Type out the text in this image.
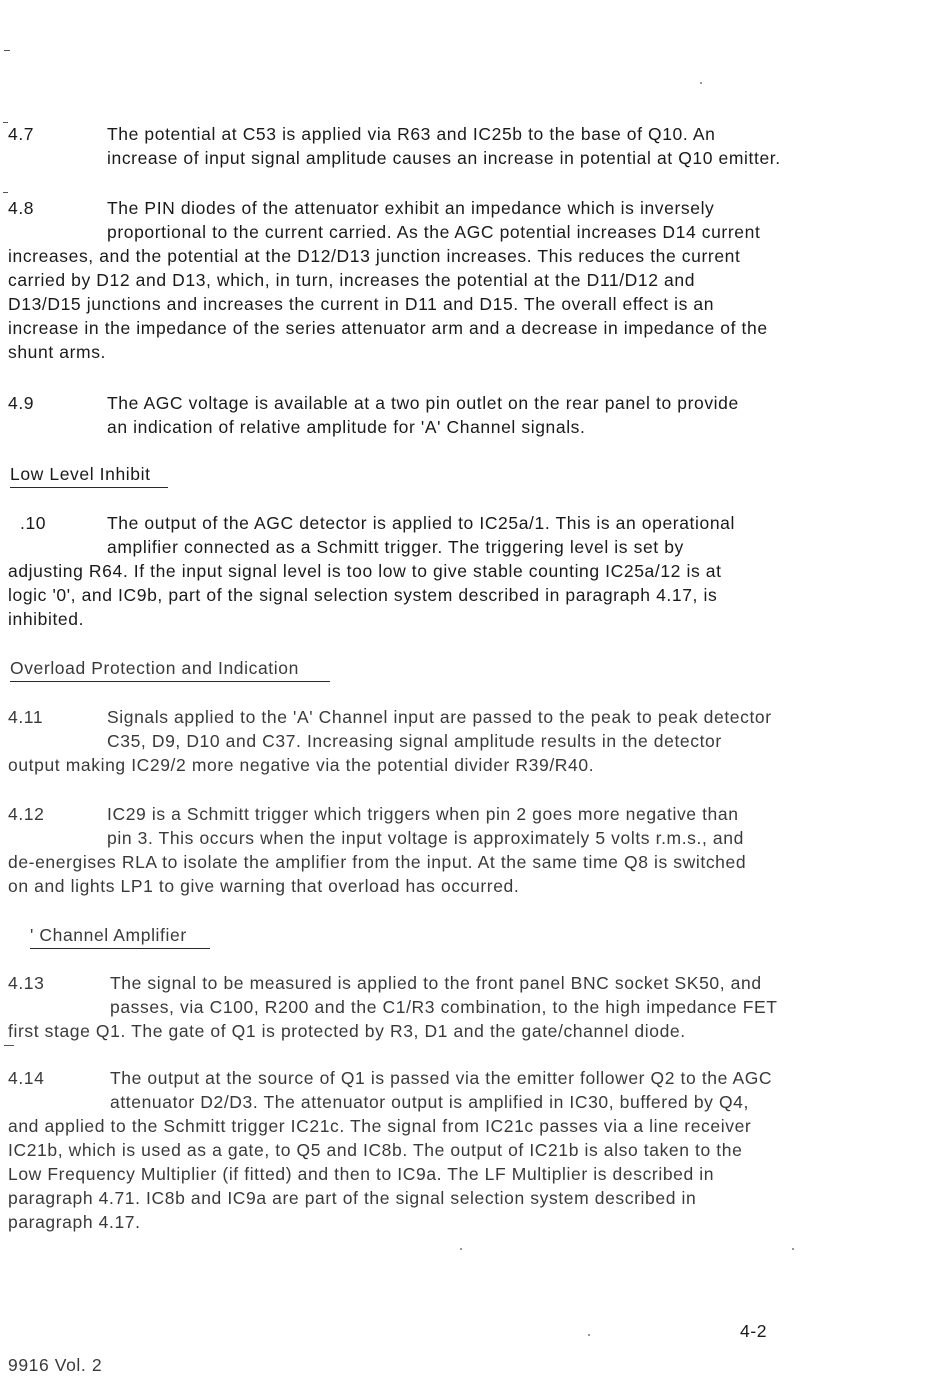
4.7	The potential at C53 is applied via R63 and IC25b to the base of Q10. An
increase of input signal amplitude causes an increase in potential at Q10 emitter.
4.8	The PIN diodes of the attenuator exhibit an impedance which is inversely
proportional to the current carried. As the AGC potential increases D14 current
increases, and the potential at the D12/D13 junction increases. This reduces the current
carried by D12 and D13, which, in turn, increases the potential at the D11/D12 and
D13/D15 junctions and increases the current in D11 and D15. The overall effect is an
increase in the impedance of the series attenuator arm and a decrease in impedance of the
shunt arms.
4.9	The AGC voltage is available at a two pin outlet on the rear panel to provide
an indication of relative amplitude for 'A' Channel signals.
Low Level Inhibit
.10	The output of the AGC detector is applied to IC25a/1. This is an operational
amplifier connected as a Schmitt trigger. The triggering level is set by
adjusting R64. If the input signal level is too low to give stable counting IC25a/12 is at
logic '0', and IC9b, part of the signal selection system described in paragraph 4.17, is
inhibited.
Overload Protection and Indication
4.11	Signals applied to the 'A' Channel input are passed to the peak to peak detector
C35, D9, D10 and C37. Increasing signal amplitude results in the detector
output making IC29/2 more negative via the potential divider R39/R40.
4.12	IC29 is a Schmitt trigger which triggers when pin 2 goes more negative than
pin 3. This occurs when the input voltage is approximately 5 volts r.m.s., and
de-energises RLA to isolate the amplifier from the input. At the same time Q8 is switched
on and lights LP1 to give warning that overload has occurred.
' Channel Amplifier
4.13	The signal to be measured is applied to the front panel BNC socket SK50, and
passes, via C100, R200 and the C1/R3 combination, to the high impedance FET
first stage Q1. The gate of Q1 is protected by R3, D1 and the gate/channel diode.
4.14	The output at the source of Q1 is passed via the emitter follower Q2 to the AGC
attenuator D2/D3. The attenuator output is amplified in IC30, buffered by Q4,
and applied to the Schmitt trigger IC21c. The signal from IC21c passes via a line receiver
IC21b, which is used as a gate, to Q5 and IC8b. The output of IC21b is also taken to the
Low Frequency Multiplier (if fitted) and then to IC9a. The LF Multiplier is described in
paragraph 4.71. IC8b and IC9a are part of the signal selection system described in
paragraph 4.17.
4-2
9916 Vol. 2
